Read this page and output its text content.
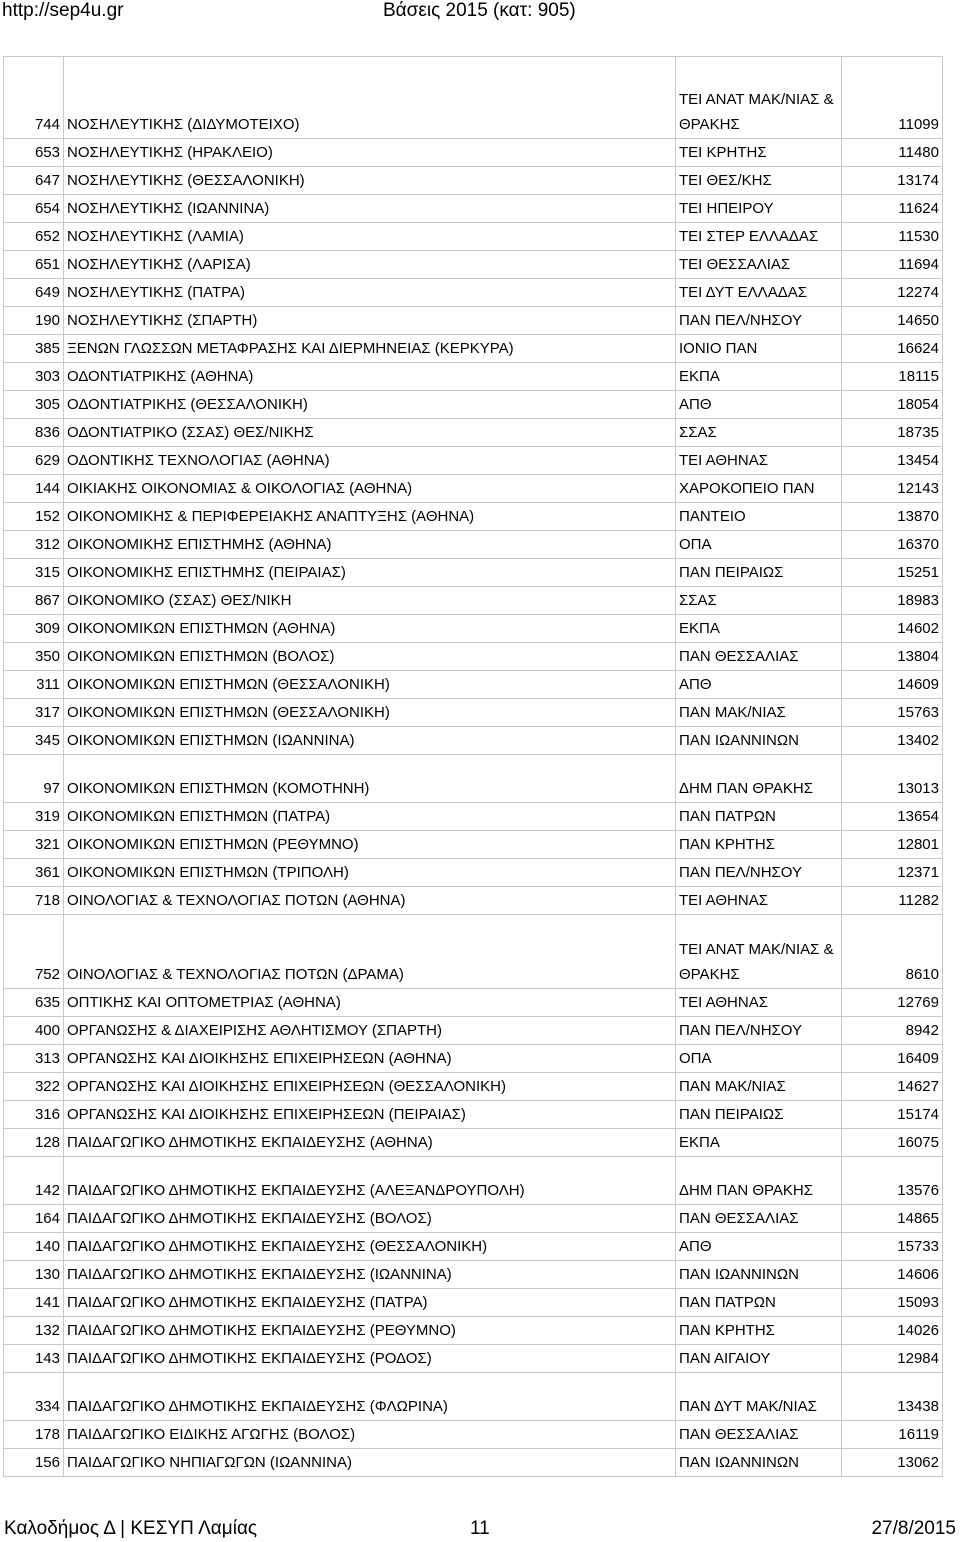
http://sep4u.gr	Βάσεις 2015 (κατ: 905)
744	ΝΟΣΗΛΕΥΤΙΚΗΣ (ΔΙΔΥΜΟΤΕΙΧΟ)	ΤΕΙ ΑΝΑΤ ΜΑΚ/ΝΙΑΣ & ΘΡΑΚΗΣ	11099
653	ΝΟΣΗΛΕΥΤΙΚΗΣ (ΗΡΑΚΛΕΙΟ)	ΤΕΙ ΚΡΗΤΗΣ	11480
647	ΝΟΣΗΛΕΥΤΙΚΗΣ (ΘΕΣΣΑΛΟΝΙΚΗ)	ΤΕΙ ΘΕΣ/ΚΗΣ	13174
654	ΝΟΣΗΛΕΥΤΙΚΗΣ (ΙΩΑΝΝΙΝΑ)	ΤΕΙ ΗΠΕΙΡΟΥ	11624
652	ΝΟΣΗΛΕΥΤΙΚΗΣ (ΛΑΜΙΑ)	ΤΕΙ ΣΤΕΡ ΕΛΛΑΔΑΣ	11530
651	ΝΟΣΗΛΕΥΤΙΚΗΣ (ΛΑΡΙΣΑ)	ΤΕΙ ΘΕΣΣΑΛΙΑΣ	11694
649	ΝΟΣΗΛΕΥΤΙΚΗΣ (ΠΑΤΡΑ)	ΤΕΙ ΔΥΤ ΕΛΛΑΔΑΣ	12274
190	ΝΟΣΗΛΕΥΤΙΚΗΣ (ΣΠΑΡΤΗ)	ΠΑΝ ΠΕΛ/ΝΗΣΟΥ	14650
385	ΞΕΝΩΝ ΓΛΩΣΣΩΝ ΜΕΤΑΦΡΑΣΗΣ ΚΑΙ ΔΙΕΡΜΗΝΕΙΑΣ (ΚΕΡΚΥΡΑ)	ΙΟΝΙΟ ΠΑΝ	16624
303	ΟΔΟΝΤΙΑΤΡΙΚΗΣ (ΑΘΗΝΑ)	ΕΚΠΑ	18115
305	ΟΔΟΝΤΙΑΤΡΙΚΗΣ (ΘΕΣΣΑΛΟΝΙΚΗ)	ΑΠΘ	18054
836	ΟΔΟΝΤΙΑΤΡΙΚΟ (ΣΣΑΣ) ΘΕΣ/ΝΙΚΗΣ	ΣΣΑΣ	18735
629	ΟΔΟΝΤΙΚΗΣ ΤΕΧΝΟΛΟΓΙΑΣ (ΑΘΗΝΑ)	ΤΕΙ ΑΘΗΝΑΣ	13454
144	ΟΙΚΙΑΚΗΣ ΟΙΚΟΝΟΜΙΑΣ & ΟΙΚΟΛΟΓΙΑΣ (ΑΘΗΝΑ)	ΧΑΡΟΚΟΠΕΙΟ ΠΑΝ	12143
152	ΟΙΚΟΝΟΜΙΚΗΣ & ΠΕΡΙΦΕΡΕΙΑΚΗΣ ΑΝΑΠΤΥΞΗΣ (ΑΘΗΝΑ)	ΠΑΝΤΕΙΟ	13870
312	ΟΙΚΟΝΟΜΙΚΗΣ ΕΠΙΣΤΗΜΗΣ (ΑΘΗΝΑ)	ΟΠΑ	16370
315	ΟΙΚΟΝΟΜΙΚΗΣ ΕΠΙΣΤΗΜΗΣ (ΠΕΙΡΑΙΑΣ)	ΠΑΝ ΠΕΙΡΑΙΩΣ	15251
867	ΟΙΚΟΝΟΜΙΚΟ (ΣΣΑΣ) ΘΕΣ/ΝΙΚΗ	ΣΣΑΣ	18983
309	ΟΙΚΟΝΟΜΙΚΩΝ ΕΠΙΣΤΗΜΩΝ (ΑΘΗΝΑ)	ΕΚΠΑ	14602
350	ΟΙΚΟΝΟΜΙΚΩΝ ΕΠΙΣΤΗΜΩΝ (ΒΟΛΟΣ)	ΠΑΝ ΘΕΣΣΑΛΙΑΣ	13804
311	ΟΙΚΟΝΟΜΙΚΩΝ ΕΠΙΣΤΗΜΩΝ (ΘΕΣΣΑΛΟΝΙΚΗ)	ΑΠΘ	14609
317	ΟΙΚΟΝΟΜΙΚΩΝ ΕΠΙΣΤΗΜΩΝ (ΘΕΣΣΑΛΟΝΙΚΗ)	ΠΑΝ ΜΑΚ/ΝΙΑΣ	15763
345	ΟΙΚΟΝΟΜΙΚΩΝ ΕΠΙΣΤΗΜΩΝ (ΙΩΑΝΝΙΝΑ)	ΠΑΝ ΙΩΑΝΝΙΝΩΝ	13402
97	ΟΙΚΟΝΟΜΙΚΩΝ ΕΠΙΣΤΗΜΩΝ (ΚΟΜΟΤΗΝΗ)	ΔΗΜ ΠΑΝ ΘΡΑΚΗΣ	13013
319	ΟΙΚΟΝΟΜΙΚΩΝ ΕΠΙΣΤΗΜΩΝ (ΠΑΤΡΑ)	ΠΑΝ ΠΑΤΡΩΝ	13654
321	ΟΙΚΟΝΟΜΙΚΩΝ ΕΠΙΣΤΗΜΩΝ (ΡΕΘΥΜΝΟ)	ΠΑΝ ΚΡΗΤΗΣ	12801
361	ΟΙΚΟΝΟΜΙΚΩΝ ΕΠΙΣΤΗΜΩΝ (ΤΡΙΠΟΛΗ)	ΠΑΝ ΠΕΛ/ΝΗΣΟΥ	12371
718	ΟΙΝΟΛΟΓΙΑΣ & ΤΕΧΝΟΛΟΓΙΑΣ ΠΟΤΩΝ (ΑΘΗΝΑ)	ΤΕΙ ΑΘΗΝΑΣ	11282
752	ΟΙΝΟΛΟΓΙΑΣ & ΤΕΧΝΟΛΟΓΙΑΣ ΠΟΤΩΝ (ΔΡΑΜΑ)	ΤΕΙ ΑΝΑΤ ΜΑΚ/ΝΙΑΣ & ΘΡΑΚΗΣ	8610
635	ΟΠΤΙΚΗΣ ΚΑΙ ΟΠΤΟΜΕΤΡΙΑΣ (ΑΘΗΝΑ)	ΤΕΙ ΑΘΗΝΑΣ	12769
400	ΟΡΓΑΝΩΣΗΣ & ΔΙΑΧΕΙΡΙΣΗΣ ΑΘΛΗΤΙΣΜΟΥ (ΣΠΑΡΤΗ)	ΠΑΝ ΠΕΛ/ΝΗΣΟΥ	8942
313	ΟΡΓΑΝΩΣΗΣ ΚΑΙ ΔΙΟΙΚΗΣΗΣ ΕΠΙΧΕΙΡΗΣΕΩΝ (ΑΘΗΝΑ)	ΟΠΑ	16409
322	ΟΡΓΑΝΩΣΗΣ ΚΑΙ ΔΙΟΙΚΗΣΗΣ ΕΠΙΧΕΙΡΗΣΕΩΝ (ΘΕΣΣΑΛΟΝΙΚΗ)	ΠΑΝ ΜΑΚ/ΝΙΑΣ	14627
316	ΟΡΓΑΝΩΣΗΣ ΚΑΙ ΔΙΟΙΚΗΣΗΣ ΕΠΙΧΕΙΡΗΣΕΩΝ (ΠΕΙΡΑΙΑΣ)	ΠΑΝ ΠΕΙΡΑΙΩΣ	15174
128	ΠΑΙΔΑΓΩΓΙΚΟ ΔΗΜΟΤΙΚΗΣ ΕΚΠΑΙΔΕΥΣΗΣ (ΑΘΗΝΑ)	ΕΚΠΑ	16075
142	ΠΑΙΔΑΓΩΓΙΚΟ ΔΗΜΟΤΙΚΗΣ ΕΚΠΑΙΔΕΥΣΗΣ (ΑΛΕΞΑΝΔΡΟΥΠΟΛΗ)	ΔΗΜ ΠΑΝ ΘΡΑΚΗΣ	13576
164	ΠΑΙΔΑΓΩΓΙΚΟ ΔΗΜΟΤΙΚΗΣ ΕΚΠΑΙΔΕΥΣΗΣ (ΒΟΛΟΣ)	ΠΑΝ ΘΕΣΣΑΛΙΑΣ	14865
140	ΠΑΙΔΑΓΩΓΙΚΟ ΔΗΜΟΤΙΚΗΣ ΕΚΠΑΙΔΕΥΣΗΣ (ΘΕΣΣΑΛΟΝΙΚΗ)	ΑΠΘ	15733
130	ΠΑΙΔΑΓΩΓΙΚΟ ΔΗΜΟΤΙΚΗΣ ΕΚΠΑΙΔΕΥΣΗΣ (ΙΩΑΝΝΙΝΑ)	ΠΑΝ ΙΩΑΝΝΙΝΩΝ	14606
141	ΠΑΙΔΑΓΩΓΙΚΟ ΔΗΜΟΤΙΚΗΣ ΕΚΠΑΙΔΕΥΣΗΣ (ΠΑΤΡΑ)	ΠΑΝ ΠΑΤΡΩΝ	15093
132	ΠΑΙΔΑΓΩΓΙΚΟ ΔΗΜΟΤΙΚΗΣ ΕΚΠΑΙΔΕΥΣΗΣ (ΡΕΘΥΜΝΟ)	ΠΑΝ ΚΡΗΤΗΣ	14026
143	ΠΑΙΔΑΓΩΓΙΚΟ ΔΗΜΟΤΙΚΗΣ ΕΚΠΑΙΔΕΥΣΗΣ (ΡΟΔΟΣ)	ΠΑΝ ΑΙΓΑΙΟΥ	12984
334	ΠΑΙΔΑΓΩΓΙΚΟ ΔΗΜΟΤΙΚΗΣ ΕΚΠΑΙΔΕΥΣΗΣ (ΦΛΩΡΙΝΑ)	ΠΑΝ ΔΥΤ ΜΑΚ/ΝΙΑΣ	13438
178	ΠΑΙΔΑΓΩΓΙΚΟ ΕΙΔΙΚΗΣ ΑΓΩΓΗΣ (ΒΟΛΟΣ)	ΠΑΝ ΘΕΣΣΑΛΙΑΣ	16119
156	ΠΑΙΔΑΓΩΓΙΚΟ ΝΗΠΙΑΓΩΓΩΝ (ΙΩΑΝΝΙΝΑ)	ΠΑΝ ΙΩΑΝΝΙΝΩΝ	13062
Καλοδήμος Δ | ΚΕΣΥΠ Λαμίας	11	27/8/2015
